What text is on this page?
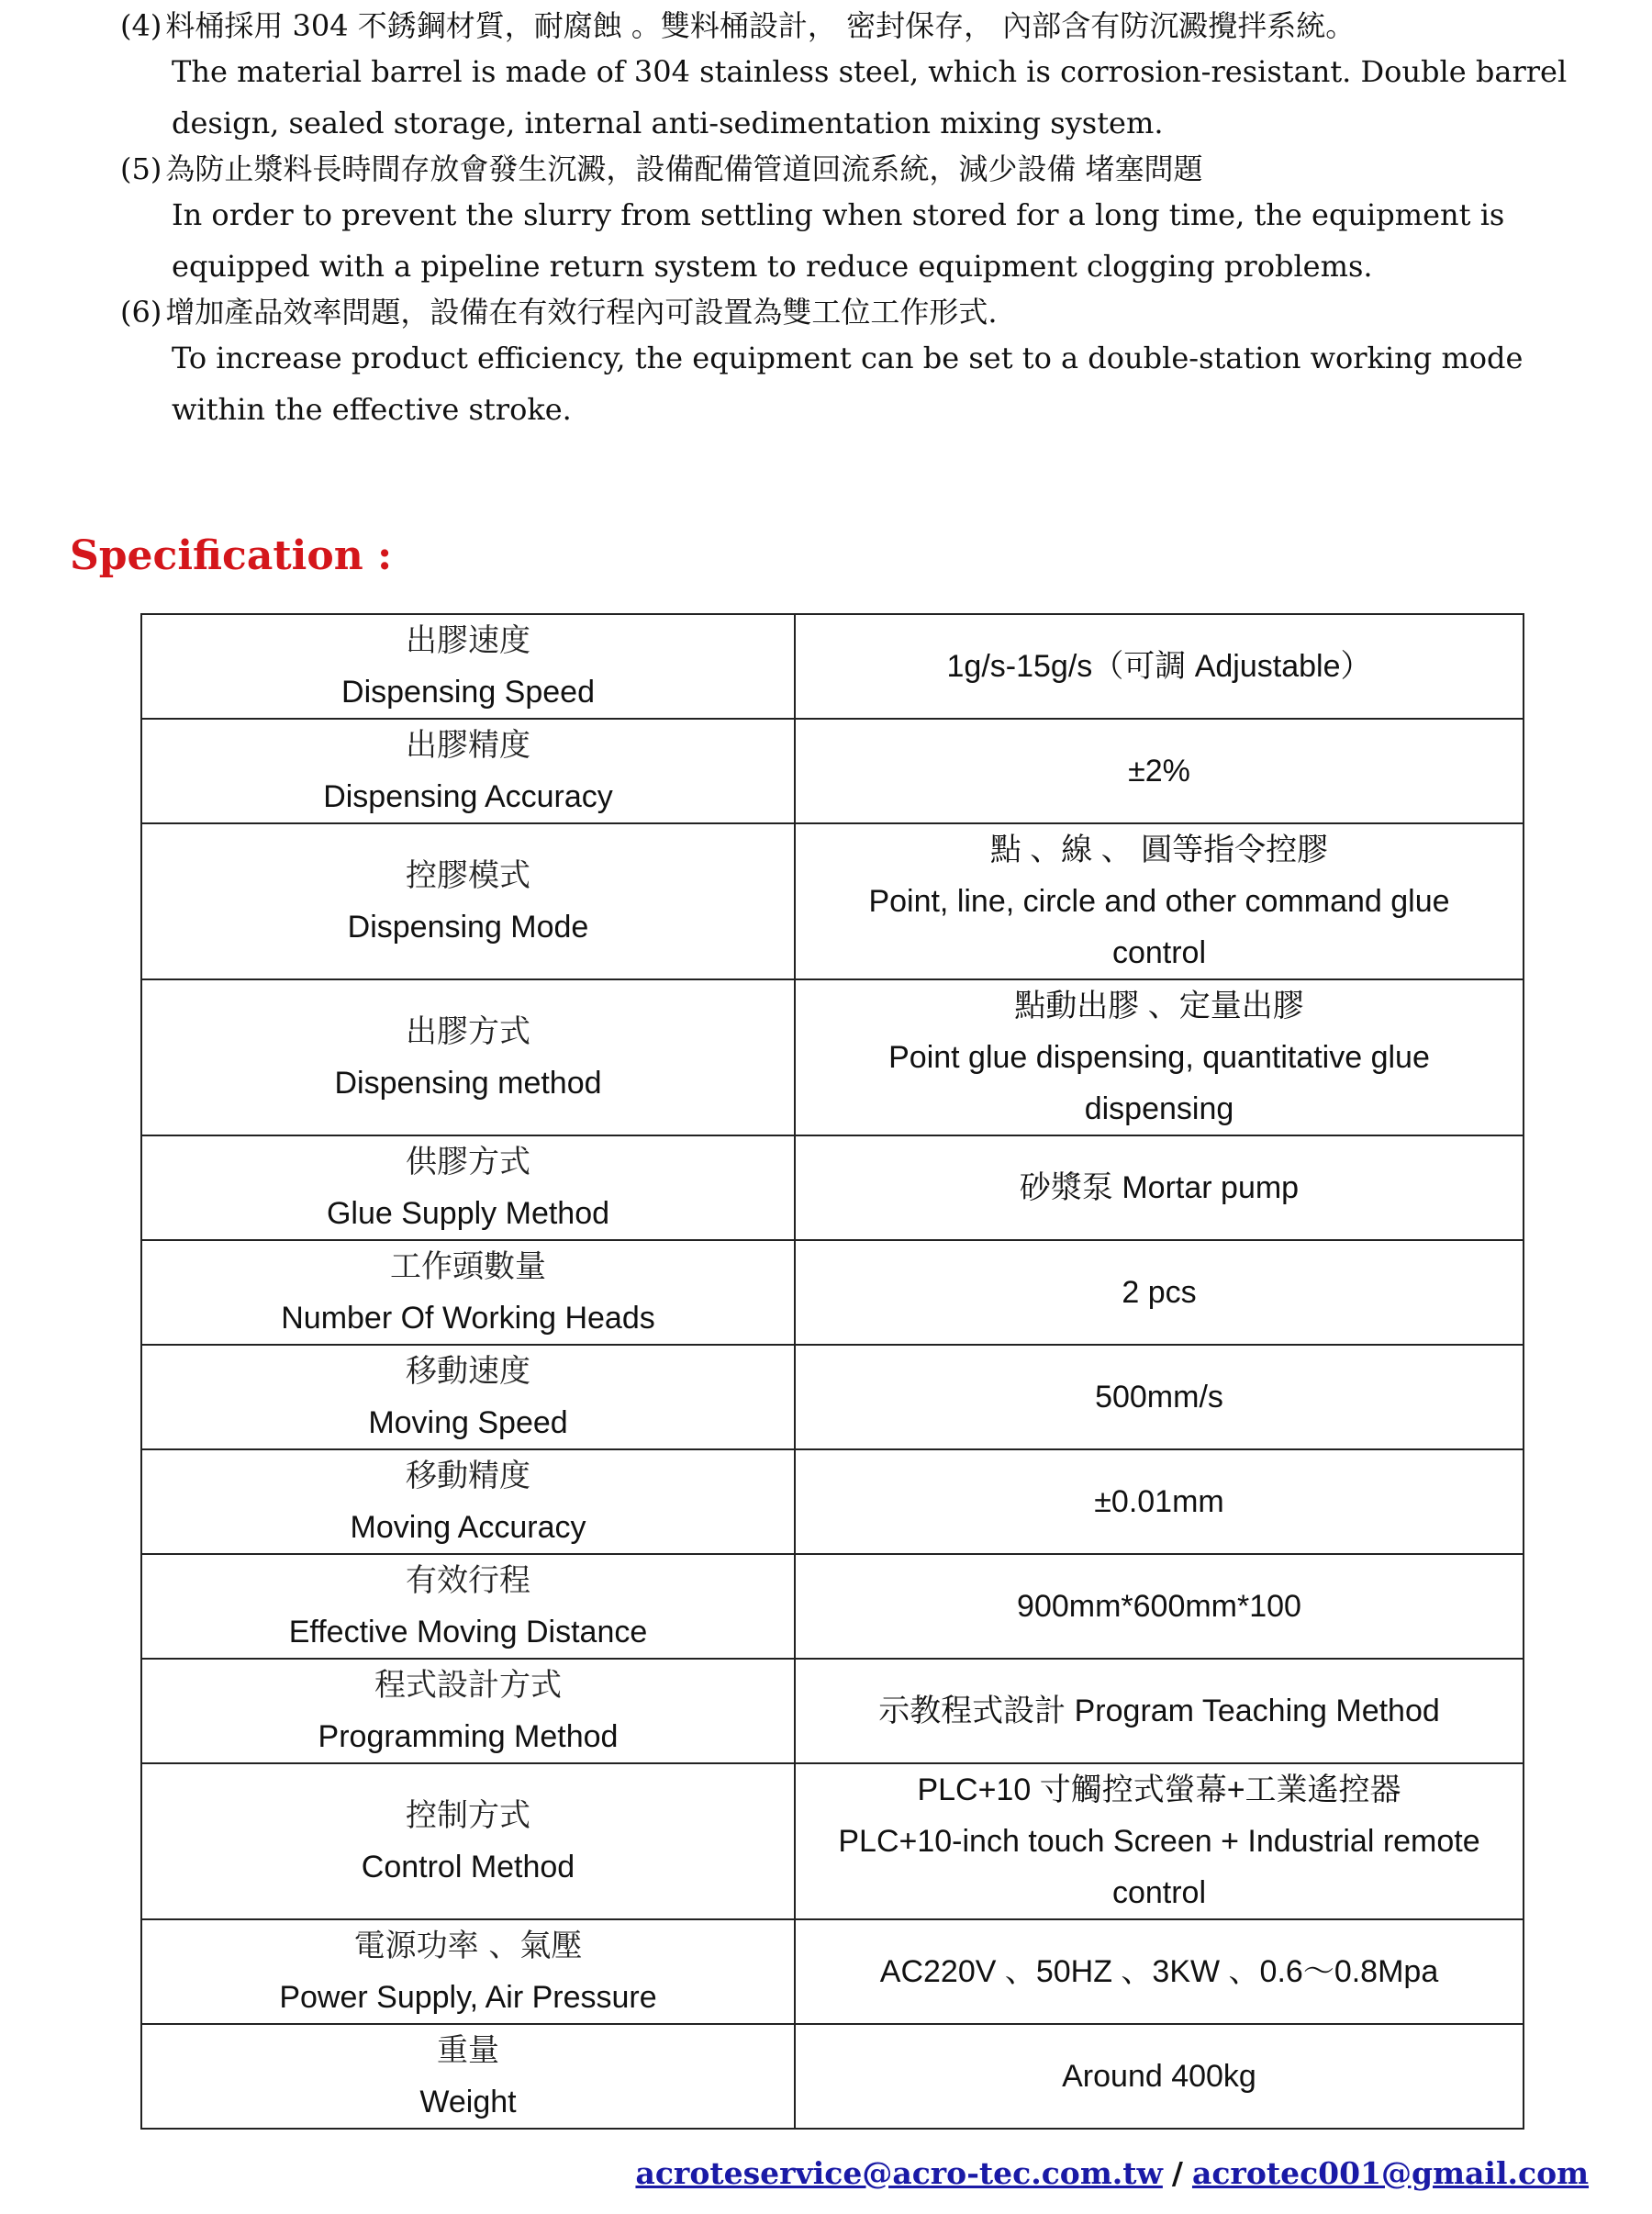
(4) 料桶採用 304 不銹鋼材質，耐腐蝕 。雙料桶設計， 密封保存， 內部含有防沉澱攪拌系統。

The material barrel is made of 304 stainless steel, which is corrosion-resistant. Double barrel design, sealed storage, internal anti-sedimentation mixing system.

(5) 為防止漿料長時間存放會發生沉澱，設備配備管道回流系統，減少設備 堵塞問題

In order to prevent the slurry from settling when stored for a long time, the equipment is equipped with a pipeline return system to reduce equipment clogging problems.

(6) 增加產品效率問題，設備在有效行程內可設置為雙工位工作形式.

To increase product efficiency, the equipment can be set to a double-station working mode within the effective stroke.

Specification :
出膠速度
Dispensing Speed	1g/s-15g/s（可調 Adjustable）

出膠精度
Dispensing Accuracy	±2%

控膠模式
Dispensing Mode	點 、線 、 圓等指令控膠
Point, line, circle and other command glue
control

出膠方式
Dispensing method	點動出膠 、定量出膠
Point glue dispensing, quantitative glue
dispensing

供膠方式
Glue Supply Method	砂漿泵 Mortar pump

工作頭數量
Number Of Working Heads	2 pcs

移動速度
Moving Speed	500mm/s

移動精度
Moving Accuracy	±0.01mm

有效行程
Effective Moving Distance	900mm*600mm*100

程式設計方式
Programming Method	示教程式設計 Program Teaching Method

控制方式
Control Method	PLC+10 寸觸控式螢幕+工業遙控器
PLC+10-inch touch Screen + Industrial remote
control

電源功率 、氣壓
Power Supply, Air Pressure	AC220V 、50HZ 、3KW 、0.6～0.8Mpa

重量
Weight	Around 400kg
acroteservice@acro-tec.com.tw / acrotec001@gmail.com
